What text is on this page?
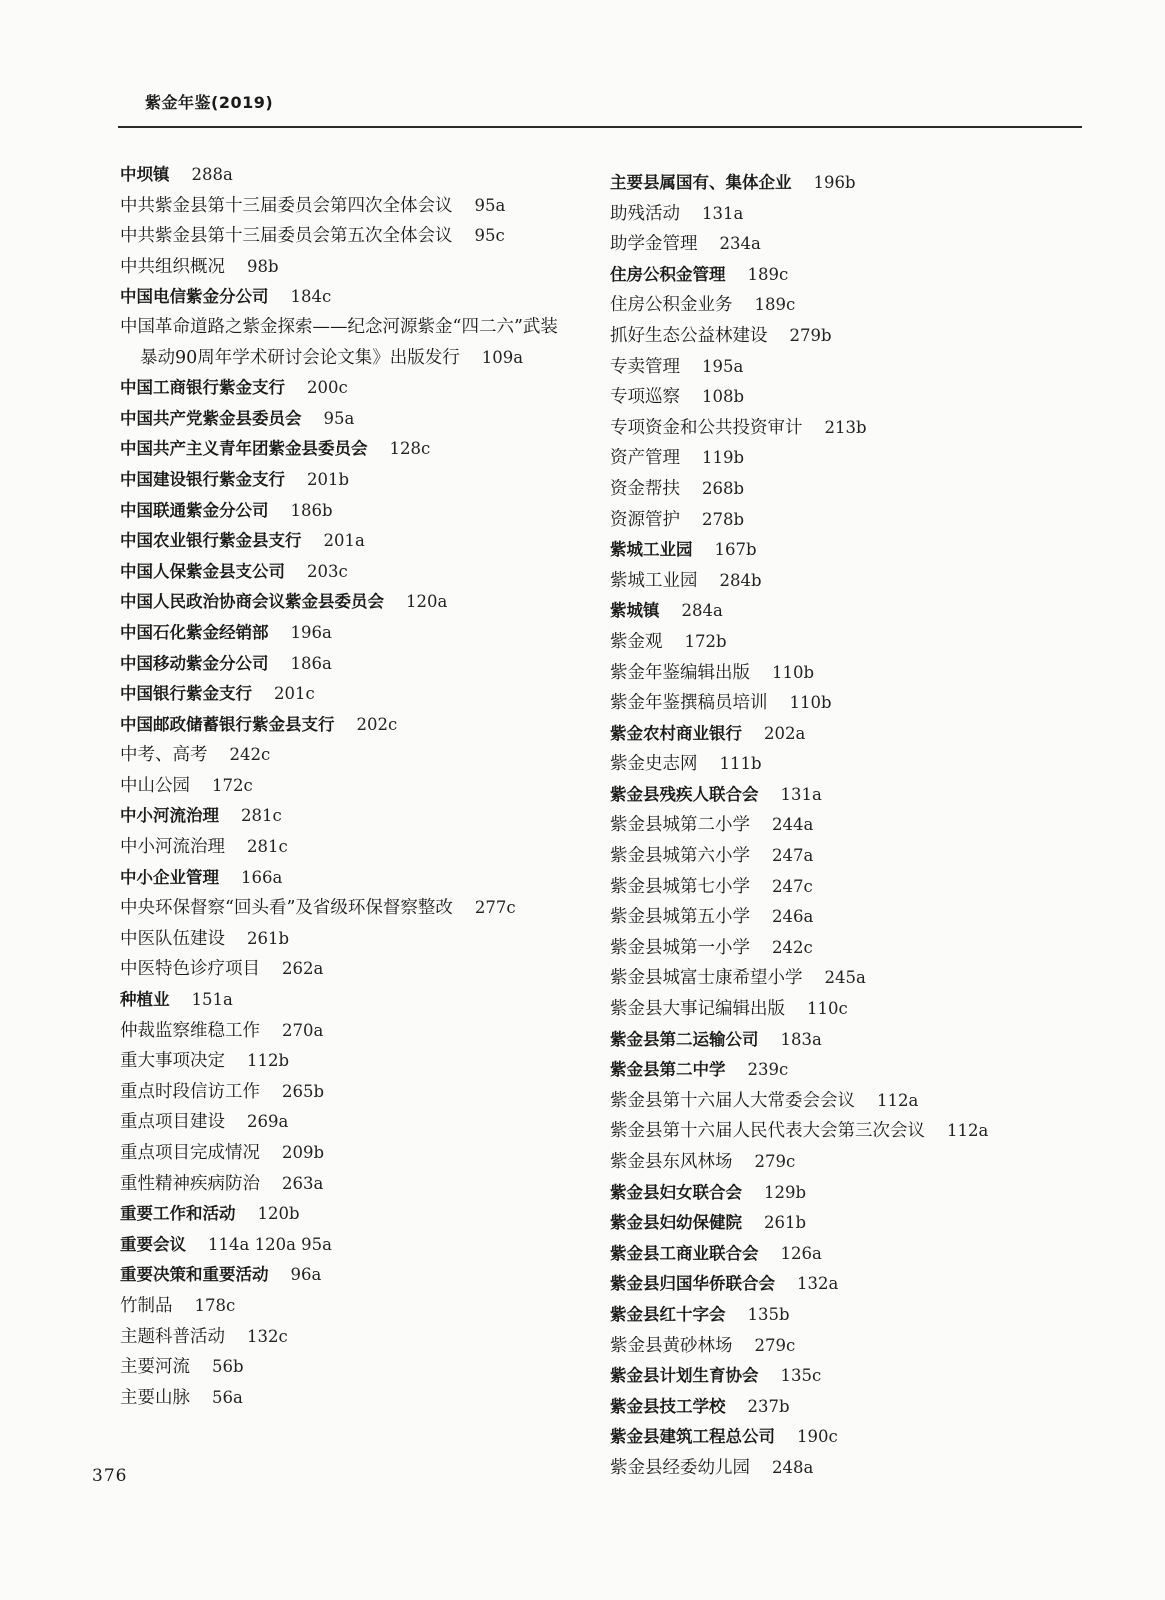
紫金年鉴(2019)
中坝镇 288a
中共紫金县第十三届委员会第四次全体会议 95a
中共紫金县第十三届委员会第五次全体会议 95c
中共组织概况 98b
中国电信紫金分公司 184c
中国革命道路之紫金探索——纪念河源紫金“四二六”武装暴动90周年学术研讨会论文集》出版发行 109a
中国工商银行紫金支行 200c
中国共产党紫金县委员会 95a
中国共产主义青年团紫金县委员会 128c
中国建设银行紫金支行 201b
中国联通紫金分公司 186b
中国农业银行紫金县支行 201a
中国人保紫金县支公司 203c
中国人民政治协商会议紫金县委员会 120a
中国石化紫金经销部 196a
中国移动紫金分公司 186a
中国银行紫金支行 201c
中国邮政储蓄银行紫金县支行 202c
中考、高考 242c
中山公园 172c
中小河流治理 281c
中小河流治理 281c
中小企业管理 166a
中央环保督察“回头看”及省级环保督察整改 277c
中医队伍建设 261b
中医特色诊疗项目 262a
种植业 151a
仲裁监察维稳工作 270a
重大事项决定 112b
重点时段信访工作 265b
重点项目建设 269a
重点项目完成情况 209b
重性精神疾病防治 263a
重要工作和活动 120b
重要会议 114a 120a 95a
重要决策和重要活动 96a
竹制品 178c
主题科普活动 132c
主要河流 56b
主要山脉 56a
主要县属国有、集体企业 196b
助残活动 131a
助学金管理 234a
住房公积金管理 189c
住房公积金业务 189c
抓好生态公益林建设 279b
专卖管理 195a
专项巡察 108b
专项资金和公共投资审计 213b
资产管理 119b
资金帮扶 268b
资源管护 278b
紫城工业园 167b
紫城工业园 284b
紫城镇 284a
紫金观 172b
紫金年鉴编辑出版 110b
紫金年鉴撰稿员培训 110b
紫金农村商业银行 202a
紫金史志网 111b
紫金县残疾人联合会 131a
紫金县城第二小学 244a
紫金县城第六小学 247a
紫金县城第七小学 247c
紫金县城第五小学 246a
紫金县城第一小学 242c
紫金县城富士康希望小学 245a
紫金县大事记编辑出版 110c
紫金县第二运输公司 183a
紫金县第二中学 239c
紫金县第十六届人大常委会会议 112a
紫金县第十六届人民代表大会第三次会议 112a
紫金县东风林场 279c
紫金县妇女联合会 129b
紫金县妇幼保健院 261b
紫金县工商业联合会 126a
紫金县归国华侨联合会 132a
紫金县红十字会 135b
紫金县黄砂林场 279c
紫金县计划生育协会 135c
紫金县技工学校 237b
紫金县建筑工程总公司 190c
紫金县经委幼儿园 248a
376
